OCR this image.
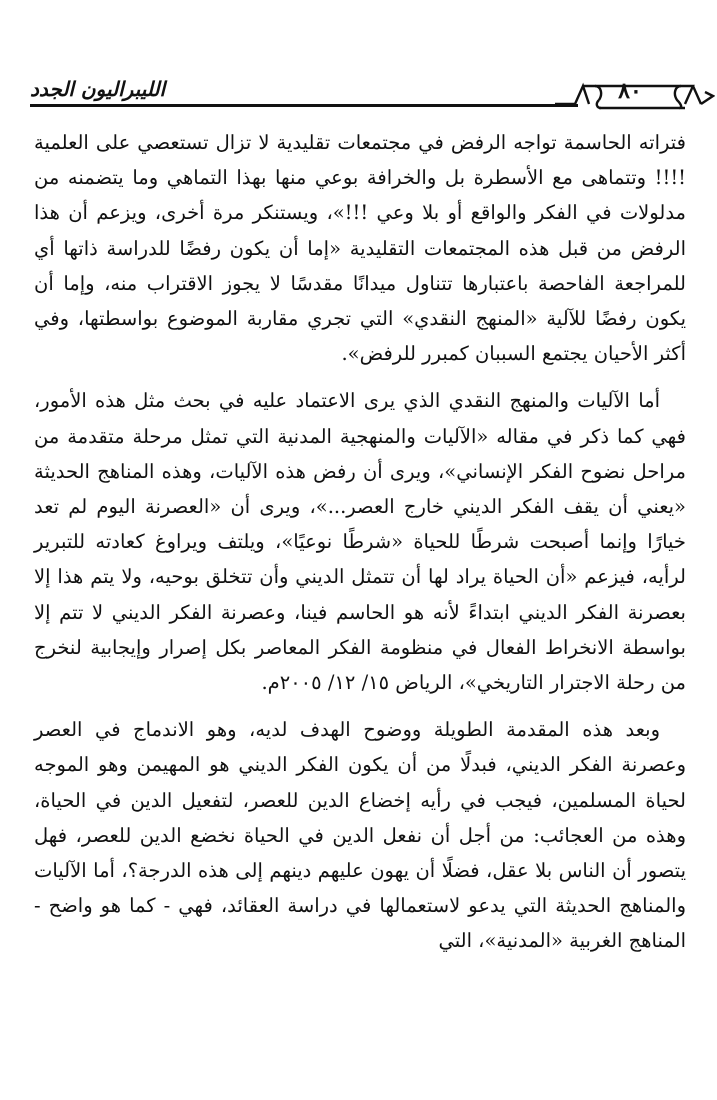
الليبراليون الجدد	٨٠

فتراته الحاسمة تواجه الرفض في مجتمعات تقليدية لا تزال تستعصي على العلمية !!!! وتتماهى مع الأسطرة بل والخرافة بوعي منها بهذا التماهي وما يتضمنه من مدلولات في الفكر والواقع أو بلا وعي !!!»، ويستنكر مرة أخرى، ويزعم أن هذا الرفض من قبل هذه المجتمعات التقليدية «إما أن يكون رفضًا للدراسة ذاتها أي للمراجعة الفاحصة باعتبارها تتناول ميدانًا مقدسًا لا يجوز الاقتراب منه، وإما أن يكون رفضًا للآلية «المنهج النقدي» التي تجري مقاربة الموضوع بواسطتها، وفي أكثر الأحيان يجتمع السببان كمبرر للرفض».

أما الآليات والمنهج النقدي الذي يرى الاعتماد عليه في بحث مثل هذه الأمور، فهي كما ذكر في مقاله «الآليات والمنهجية المدنية التي تمثل مرحلة متقدمة من مراحل نضوح الفكر الإنساني»، ويرى أن رفض هذه الآليات، وهذه المناهج الحديثة «يعني أن يقف الفكر الديني خارج العصر...»، ويرى أن «العصرنة اليوم لم تعد خيارًا وإنما أصبحت شرطًا للحياة «شرطًا نوعيًا»، ويلتف ويراوغ كعادته للتبرير لرأيه، فيزعم «أن الحياة يراد لها أن تتمثل الديني وأن تتخلق بوحيه، ولا يتم هذا إلا بعصرنة الفكر الديني ابتداءً لأنه هو الحاسم فينا، وعصرنة الفكر الديني لا تتم إلا بواسطة الانخراط الفعال في منظومة الفكر المعاصر بكل إصرار وإيجابية لنخرج من رحلة الاجترار التاريخي»، الرياض ١٥/ ١٢/ ٢٠٠٥م.

وبعد هذه المقدمة الطويلة ووضوح الهدف لديه، وهو الاندماج في العصر وعصرنة الفكر الديني، فبدلًا من أن يكون الفكر الديني هو المهيمن وهو الموجه لحياة المسلمين، فيجب في رأيه إخضاع الدين للعصر، لتفعيل الدين في الحياة، وهذه من العجائب: من أجل أن نفعل الدين في الحياة نخضع الدين للعصر، فهل يتصور أن الناس بلا عقل، فضلًا أن يهون عليهم دينهم إلى هذه الدرجة؟، أما الآليات والمناهج الحديثة التي يدعو لاستعمالها في دراسة العقائد، فهي - كما هو واضح - المناهج الغربية «المدنية»، التي
